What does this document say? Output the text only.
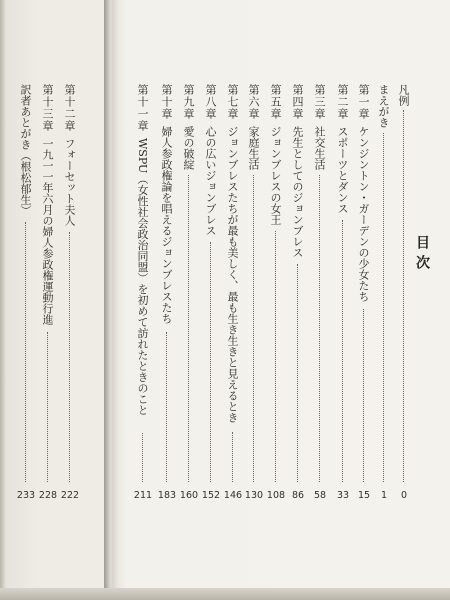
目次
凡例
0
まえがき
1
第一章
ケンジントン・ガーデンの少女たち
15
第二章
スポーツとダンス
33
第三章
社交生活
58
第四章
先生としてのジョンブレス
86
第五章
ジョンブレスの女王
108
第六章
家庭生活
130
第七章
ジョンブレスたちが最も美しく、最も生き生きと見えるとき
146
第八章
心の広いジョンブレス
152
第九章
愛の破綻
160
第十章
婦人参政権論を唱えるジョンブレスたち
183
第十一章
WSPU（女性社会政治同盟）を初めて訪れたときのこと
211
第十二章
フォーセット夫人
222
第十三章
一九一一年六月の婦人参政権運動行進
228
訳者あとがき（根松郁生）
233
